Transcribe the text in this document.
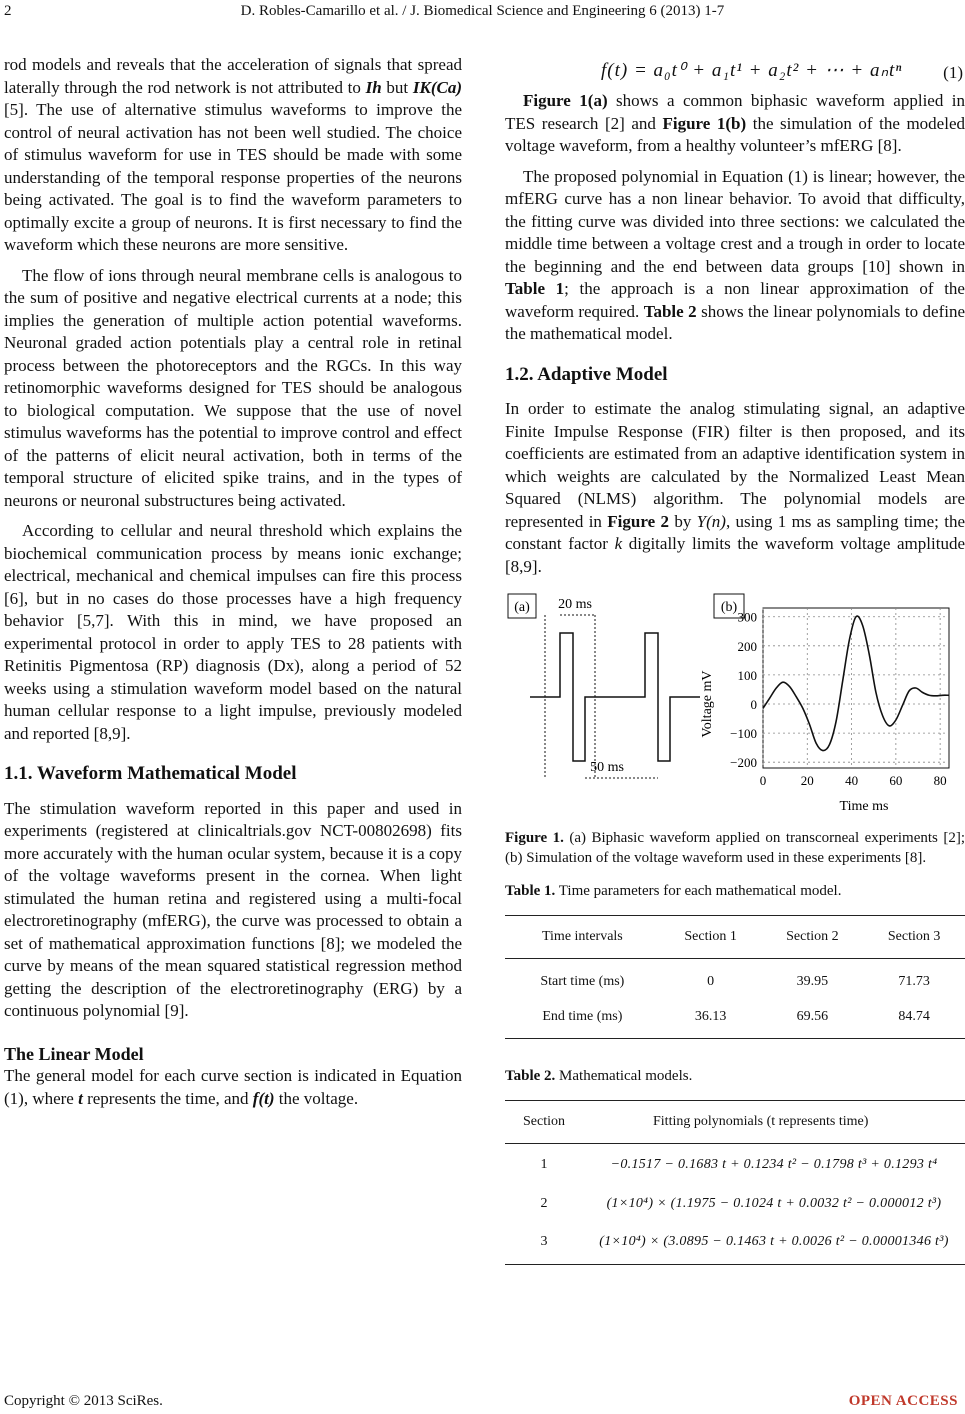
2	D. Robles-Camarillo et al. / J. Biomedical Science and Engineering 6 (2013) 1-7

rod models and reveals that the acceleration of signals that spread laterally through the rod network is not attributed to Ih but IK(Ca) [5]. The use of alternative stimulus waveforms to improve the control of neural activation has not been well studied. The choice of stimulus waveform for use in TES should be made with some understanding of the temporal response properties of the neurons being activated. The goal is to find the waveform parameters to optimally excite a group of neurons. It is first necessary to find the waveform which these neurons are more sensitive.

The flow of ions through neural membrane cells is analogous to the sum of positive and negative electrical currents at a node; this implies the generation of multiple action potential waveforms. Neuronal graded action potentials play a central role in retinal process between the photoreceptors and the RGCs. In this way retinomorphic waveforms designed for TES should be analogous to biological computation. We suppose that the use of novel stimulus waveforms has the potential to improve control and effect of the patterns of elicit neural activation, both in terms of the temporal structure of elicited spike trains, and in the types of neurons or neuronal substructures being activated.

According to cellular and neural threshold which explains the biochemical communication process by means ionic exchange; electrical, mechanical and chemical impulses can fire this process [6], but in no cases do those processes have a high frequency behavior [5,7]. With this in mind, we have proposed an experimental protocol in order to apply TES to 28 patients with Retinitis Pigmentosa (RP) diagnosis (Dx), along a period of 52 weeks using a stimulation waveform model based on the natural human cellular response to a light impulse, previously modeled and reported [8,9].

1.1. Waveform Mathematical Model

The stimulation waveform reported in this paper and used in experiments (registered at clinicaltrials.gov NCT-00802698) fits more accurately with the human ocular system, because it is a copy of the voltage waveforms present in the cornea. When light stimulated the human retina and registered using a multi-focal electroretinography (mfERG), the curve was processed to obtain a set of mathematical approximation functions [8]; we modeled the curve by means of the mean squared statistical regression method getting the description of the electroretinography (ERG) by a continuous polynomial [9].

The Linear Model

The general model for each curve section is indicated in Equation (1), where t represents the time, and f(t) the voltage.

f(t) = a₀t⁰ + a₁t¹ + a₂t² + ⋯ + aₙtⁿ (1)

Figure 1(a) shows a common biphasic waveform applied in TES research [2] and Figure 1(b) the simulation of the modeled voltage waveform, from a healthy volunteer’s mfERG [8].

The proposed polynomial in Equation (1) is linear; however, the mfERG curve has a non linear behavior. To avoid that difficulty, the fitting curve was divided into three sections: we calculated the middle time between a voltage crest and a trough in order to locate the beginning and the end between data groups [10] shown in Table 1; the approach is a non linear approximation of the waveform required. Table 2 shows the linear polynomials to define the mathematical model.

1.2. Adaptive Model

In order to estimate the analog stimulating signal, an adaptive Finite Impulse Response (FIR) filter is then proposed, and its coefficients are estimated from an adaptive identification system in which weights are calculated by the Normalized Least Mean Squared (NLMS) algorithm. The polynomial models are represented in Figure 2 by Y(n), using 1 ms as sampling time; the constant factor k digitally limits the waveform voltage amplitude [8,9].

(a) 20 ms
50 ms
(b)
300
200
100
0
−100
−200
0	20 40 60 80
Voltage mV
Time ms

Figure 1. (a) Biphasic waveform applied on transcorneal experiments [2]; (b) Simulation of the voltage waveform used in these experiments [8].

Table 1. Time parameters for each mathematical model.
Time intervals	Section 1	Section 2	Section 3
Start time (ms)	0	39.95	71.73
End time (ms)	36.13	69.56	84.74
Table 2. Mathematical models.
Section	Fitting polynomials (t represents time)
1	−0.1517 − 0.1683 t + 0.1234 t² − 0.1798 t³ + 0.1293 t⁴
2	(1×10⁴) × (1.1975 − 0.1024 t + 0.0032 t² − 0.000012 t³)
3	(1×10⁴) × (3.0895 − 0.1463 t + 0.0026 t² − 0.00001346 t³)
Copyright © 2013 SciRes.	OPEN ACCESS
